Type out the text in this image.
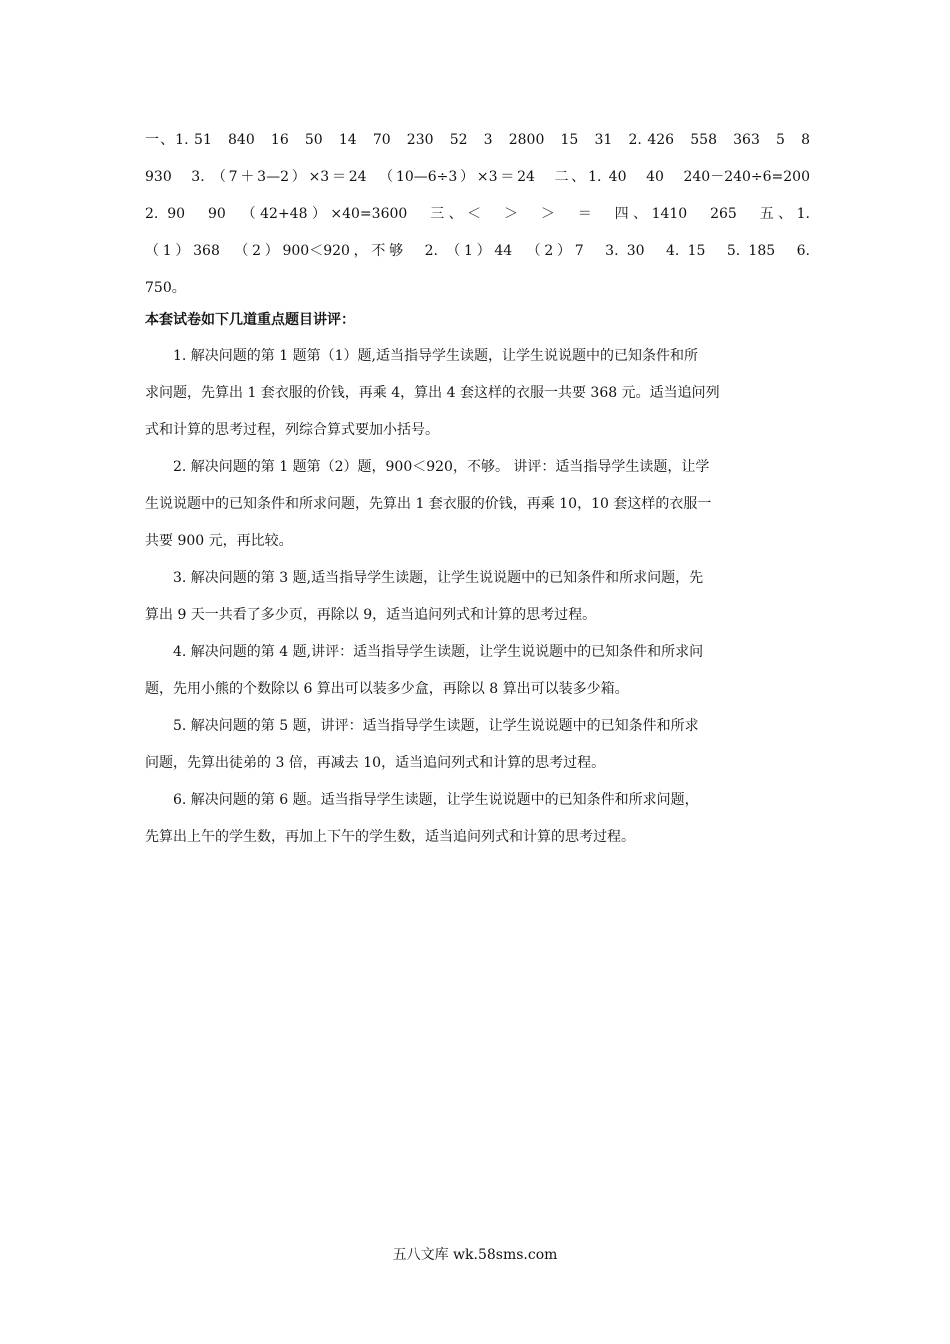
一、1. 51　840　16　50　14　70　230　52　3　2800　15　31　2. 426　558　363　5　8
930　3. （7＋3—2）×3＝24　（10—6÷3）×3＝24　二、1. 40　40　240－240÷6=200
2. 90　90　（42+48）×40=3600　三、＜　＞　＞　＝　四、1410　265　五、1.
（1）368　（2）900＜920，不够　2. （1）44　（2）7　3. 30　4. 15　5. 185　6.
750。
本套试卷如下几道重点题目讲评：
1. 解决问题的第 1 题第（1）题,适当指导学生读题，让学生说说题中的已知条件和所
求问题，先算出 1 套衣服的价钱，再乘 4，算出 4 套这样的衣服一共要 368 元。适当追问列
式和计算的思考过程，列综合算式要加小括号。
2. 解决问题的第 1 题第（2）题，900＜920，不够。 讲评：适当指导学生读题，让学
生说说题中的已知条件和所求问题，先算出 1 套衣服的价钱，再乘 10，10 套这样的衣服一
共要 900 元，再比较。
3. 解决问题的第 3 题,适当指导学生读题，让学生说说题中的已知条件和所求问题，先
算出 9 天一共看了多少页，再除以 9，适当追问列式和计算的思考过程。
4. 解决问题的第 4 题,讲评：适当指导学生读题，让学生说说题中的已知条件和所求问
题，先用小熊的个数除以 6 算出可以装多少盒，再除以 8 算出可以装多少箱。
5. 解决问题的第 5 题，讲评：适当指导学生读题，让学生说说题中的已知条件和所求
问题，先算出徒弟的 3 倍，再减去 10，适当追问列式和计算的思考过程。
6. 解决问题的第 6 题。适当指导学生读题，让学生说说题中的已知条件和所求问题，
先算出上午的学生数，再加上下午的学生数，适当追问列式和计算的思考过程。
五八文库 wk.58sms.com
